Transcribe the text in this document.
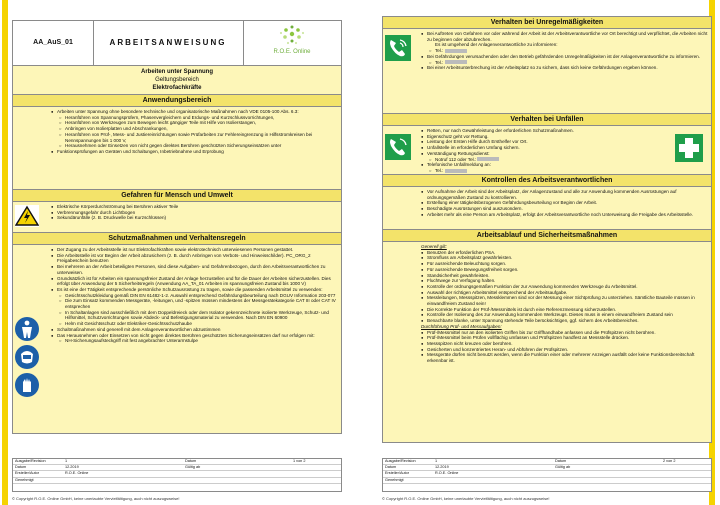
AA_AuS_01	ARBEITSANWEISUNG
R.O.E. Online
Arbeiten unter Spannung
Geltungsbereich
Elektrofachkräfte
Anwendungsbereich
● Arbeiten unter Spannung ohne besondere technische und organisatorische Maßnahmen nach VDE 0105-100 Abs. 6.3:
○ Heranführen von Spannungsprüfern, Phasenvergleichern und Erdungs- und Kurzschlussvorrichtungen,
○ Heranführen von Werkzeugen zum Bewegen leicht gängiger Teile mit Hilfe von Isolierstangen,
○ Anbringen von Isolierplatten und Abschrankungen,
○ Heranführen von Prüf-, Mess- und Justiereinrichtungen sowie Prüfarbeiten zur Fehlereingrenzung in Hilfsstromkreisen bei Nennspannungen bis 1 000 V,
○ Herausnehmen oder Einsetzen von nicht gegen direktes Berühren geschützten Sicherungseinsätzen unter
● Funktionsprüfungen an Geräten und Schaltungen, Inbetriebnahme und Erprobung
Gefahren für Mensch und Umwelt
● Elektrische Körperdurchströmung bei Berühren aktiver Teile
● Verbrennungsgefahr durch Lichtbogen
● Sekundärunfälle (z. B. Druckwelle bei Kurzschlüssen)
Schutzmaßnahmen und Verhaltensregeln
● Der Zugang zu der Arbeitsstelle ist nur Elektrofachkräften sowie elektrotechnisch unterwiesenen Personen gestattet.
● Die Arbeitsstelle ist vor Beginn der Arbeit abzusichern (z. B. durch Anbringen von Verbots- und Hinweisschilder). PC_ORG_2 Freigabeschein benutzen
● Bei mehreren an der Arbeit beteiligten Personen, sind diese Aufgaben- und Gefahrenbezogen, durch den Arbeitsverantwortlichen zu unterweisen.
● Grundsätzlich ist für Arbeiten ein spannungsfreier Zustand der Anlage herzustellen und für die Dauer der Arbeiten sicherzustellen. Dies erfolgt über Anwendung der 5 Sicherheitsregeln (Anwendung AA_TA_01 Arbeiten im spannungsfreien Zustand bis 1000 V)
● Es ist eine der Tätigkeit entsprechende persönliche Schutzausrüstung zu tragen, sowie die passenden Arbeitsmittel zu verwenden:
○ Gesichtsschutzkleidung gemäß DIN EN 61482-1-2. Auswahl entsprechend Gefährdungsbeurteilung nach DGUV Information 203-077
○ Die zum Einsatz kommenden Messgeräte, -leitungen, und -spitzen müssen mindestens der Messgerätekategorie CAT III oder CAT IV entsprechen
○ In Schaltanlagen sind ausschließlich mit dem Doppeldreieck oder dem Isolator gekennzeichnete isolierte Werkzeuge, Schutz- und Hilfsmittel, Schutzvorrichtungen sowie Abdeck- und Befestigungsmaterial zu verwenden. Nach DIN EN 60900
○ Helm mit Gesichtsschutz oder Elektriker-Gesichtsschutzhaube
● Schaltmaßnahmen sind generell mit dem Anlagenverantwortlichen abzustimmen
● Das Herausnehmen oder Einsetzen von nicht gegen direktes Berühren geschützten Sicherungseinsätzen darf nur erfolgen mit:
○ NH-Sicherungsaufsteckgriff mit fest angebrachter Unterarmstulpe
Ausgabe/Revision	1	Datum	1 von 2
Datum	12.2019	Gültig ab
Ersteller/Autor	R.O.E. Online
Genehmigt
© Copyright R.O.E. Online GmbH, keine unerlaubte Vervielfältigung, auch nicht auszugsweise!
Verhalten bei Unregelmäßigkeiten
● Bei Auftreten von Gefahren vor oder während der Arbeit ist der Arbeitsverantwortliche vor Ort berechtigt und verpflichtet, die Arbeiten nicht zu beginnen oder abzubrechen.
Es ist umgehend der Anlagenverantwortliche zu informieren:
○ Tel.:
● Bei Gefährdungen verursachenden oder den Betrieb gefährdenden Unregelmäßigkeiten ist der Anlagenverantwortliche zu informieren.
○ Tel.:
● Bei einer Arbeitsunterbrechung ist der Arbeitsplatz so zu sichern, dass sich keine Gefährdungen ergeben können.
Verhalten bei Unfällen
● Retten, nur nach Gewährleistung der erforderlichen Schutzmaßnahmen.
● Eigenschutz geht vor Rettung.
● Leistung der Ersten Hilfe durch Ersthelfer vor Ort.
● Unfallstelle im erforderlichen Umfang sichern.
● Verständigung Rettungsdienst:
○ Notruf 112 oder Tel.:
● Telefonische Unfallmeldung an:
○ Tel.:
Kontrollen des Arbeitsverantwortlichen
● Vor Aufnahme der Arbeit sind der Arbeitsplatz, der Anlagenzustand und alle zur Anwendung kommenden Ausrüstungen auf ordnungsgemäßen Zustand zu kontrollieren.
● Erstellung einer tätigkeitsbezogenen Gefährdungsbeurteilung vor Beginn der Arbeit.
● Beschädigte Ausrüstungen sind auszusondern.
● Arbeitet mehr als eine Person am Arbeitsplatz, erfolgt der Arbeitsverantwortliche noch Unterweisung die Freigabe des Arbeitsstelle.
Arbeitsablauf und Sicherheitsmaßnahmen
Generell gilt:
● Benutzen der erforderlichen PSA.
● Stromfluss am Arbeitsplatz gewährleisten.
● Für ausreichende Beleuchtung sorgen.
● Für ausreichende Bewegungsfreiheit sorgen.
● Standsicherheit gewährleisten.
● Fluchtwege zur Verfügung halten.
● Kontrolle der ordnungsgemäßen Funktion der zur Anwendung kommenden Werkzeuge du Arbeitsmittel.
● Auswahl der richtigen Arbeitsmittel entsprechend der Arbeitsaufgabe.
● Messleitungen, Messspitzen, Messklemmen sind vor der Messung einer Sichtprüfung zu unterziehen. Sämtliche Bauteile müssen in einwandfreiem Zustand sein!
● Die Korrekte Funktion der Prüf-/Messmittels ist durch eine Referenzmessung sicherzustellen.
● Kontrolle der Isolierung des zur Anwendung kommenden Werkzeugs. Dieses muss in einem einwandfreiem Zustand sein
● Benachbarte blanke, unter Spannung stehende Teile berücksichtigen, ggf. sichern des Arbeitsbereiches.
Durchführung Prüf- und Messaufgaben:
● Prüf-/Messmittel nur an den isolierten Griffen bis zur Griffhandhabe anfassen und die Prüfspitzen nicht berühren.
● Prüf-/Messmittel beim Prüfen vollflächig umfassen und Prüfspitzen handfest an Messstelle drücken.
● Messspitzen nicht kreuzen oder berühren.
● Gesicherten und konzentriertes Heran- und Abführen der Prüfspitzen.
● Messgeräte dürfen nicht benutzt werden, wenn die Funktion einer oder mehrerer Anzeigen ausfällt oder keine Funktionsbereitschaft erkennbar ist.
Ausgabe/Revision	1	Datum	2 von 2
Datum	12.2019	Gültig ab
Ersteller/Autor	R.O.E. Online
Genehmigt
© Copyright R.O.E. Online GmbH, keine unerlaubte Vervielfältigung, auch nicht auszugsweise!
